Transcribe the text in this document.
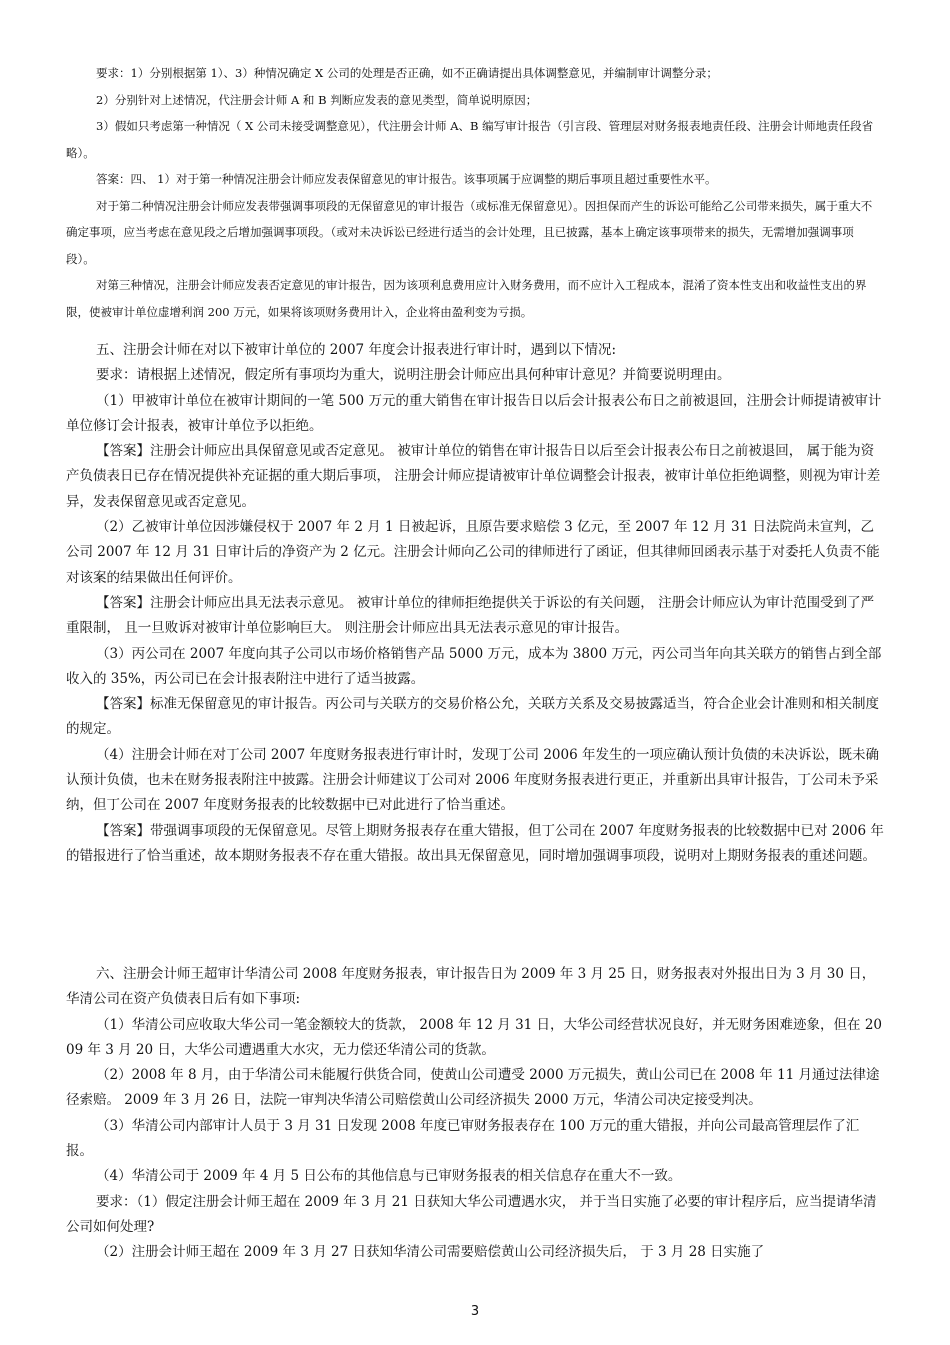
要求：1）分别根据第 1）、3）种情况确定 X 公司的处理是否正确，如不正确请提出具体调整意见，并编制审计调整分录；

2）分别针对上述情况，代注册会计师 A 和 B 判断应发表的意见类型，简单说明原因；

3）假如只考虑第一种情况（ X 公司未接受调整意见），代注册会计师 A、B 编写审计报告（引言段、管理层对财务报表地责任段、注册会计师地责任段省略）。

答案：四、 1）对于第一种情况注册会计师应发表保留意见的审计报告。该事项属于应调整的期后事项且超过重要性水平。

对于第二种情况注册会计师应发表带强调事项段的无保留意见的审计报告（或标准无保留意见）。因担保而产生的诉讼可能给乙公司带来损失，属于重大不确定事项，应当考虑在意见段之后增加强调事项段。（或对未决诉讼已经进行适当的会计处理，且已披露，基本上确定该事项带来的损失，无需增加强调事项段）。

对第三种情况，注册会计师应发表否定意见的审计报告，因为该项利息费用应计入财务费用，而不应计入工程成本，混淆了资本性支出和收益性支出的界限，使被审计单位虚增利润 200 万元，如果将该项财务费用计入，企业将由盈利变为亏损。

五、注册会计师在对以下被审计单位的 2007 年度会计报表进行审计时，遇到以下情况:

要求：请根据上述情况，假定所有事项均为重大，说明注册会计师应出具何种审计意见？并简要说明理由。

（1）甲被审计单位在被审计期间的一笔 500 万元的重大销售在审计报告日以后会计报表公布日之前被退回，注册会计师提请被审计单位修订会计报表，被审计单位予以拒绝。

【答案】注册会计师应出具保留意见或否定意见。 被审计单位的销售在审计报告日以后至会计报表公布日之前被退回， 属于能为资产负债表日已存在情况提供补充证据的重大期后事项， 注册会计师应提请被审计单位调整会计报表，被审计单位拒绝调整，则视为审计差异，发表保留意见或否定意见。

（2）乙被审计单位因涉嫌侵权于 2007 年 2 月 1 日被起诉，且原告要求赔偿 3 亿元，至 2007 年 12 月 31 日法院尚未宣判，乙公司 2007 年 12 月 31 日审计后的净资产为 2 亿元。注册会计师向乙公司的律师进行了函证，但其律师回函表示基于对委托人负责不能对该案的结果做出任何评价。

【答案】注册会计师应出具无法表示意见。 被审计单位的律师拒绝提供关于诉讼的有关问题， 注册会计师应认为审计范围受到了严重限制， 且一旦败诉对被审计单位影响巨大。 则注册会计师应出具无法表示意见的审计报告。

（3）丙公司在 2007 年度向其子公司以市场价格销售产品 5000 万元，成本为 3800 万元，丙公司当年向其关联方的销售占到全部收入的 35%，丙公司已在会计报表附注中进行了适当披露。

【答案】标准无保留意见的审计报告。丙公司与关联方的交易价格公允，关联方关系及交易披露适当，符合企业会计准则和相关制度的规定。

（4）注册会计师在对丁公司 2007 年度财务报表进行审计时，发现丁公司 2006 年发生的一项应确认预计负债的未决诉讼，既未确认预计负债，也未在财务报表附注中披露。注册会计师建议丁公司对 2006 年度财务报表进行更正，并重新出具审计报告，丁公司未予采纳，但丁公司在 2007 年度财务报表的比较数据中已对此进行了恰当重述。

【答案】带强调事项段的无保留意见。尽管上期财务报表存在重大错报，但丁公司在 2007 年度财务报表的比较数据中已对 2006 年的错报进行了恰当重述，故本期财务报表不存在重大错报。故出具无保留意见，同时增加强调事项段，说明对上期财务报表的重述问题。

六、注册会计师王超审计华清公司 2008 年度财务报表，审计报告日为 2009 年 3 月 25 日，财务报表对外报出日为 3 月 30 日，华清公司在资产负债表日后有如下事项:

（1）华清公司应收取大华公司一笔金额较大的货款， 2008 年 12 月 31 日，大华公司经营状况良好，并无财务困难迹象，但在 2009 年 3 月 20 日，大华公司遭遇重大水灾，无力偿还华清公司的货款。

（2）2008 年 8 月，由于华清公司未能履行供货合同，使黄山公司遭受 2000 万元损失，黄山公司已在 2008 年 11 月通过法律途径索赔。 2009 年 3 月 26 日，法院一审判决华清公司赔偿黄山公司经济损失 2000 万元，华清公司决定接受判决。

（3）华清公司内部审计人员于 3 月 31 日发现 2008 年度已审财务报表存在 100 万元的重大错报，并向公司最高管理层作了汇报。

（4）华清公司于 2009 年 4 月 5 日公布的其他信息与已审财务报表的相关信息存在重大不一致。

要求：（1）假定注册会计师王超在 2009 年 3 月 21 日获知大华公司遭遇水灾， 并于当日实施了必要的审计程序后，应当提请华清公司如何处理?

（2）注册会计师王超在 2009 年 3 月 27 日获知华清公司需要赔偿黄山公司经济损失后， 于 3 月 28 日实施了

3
